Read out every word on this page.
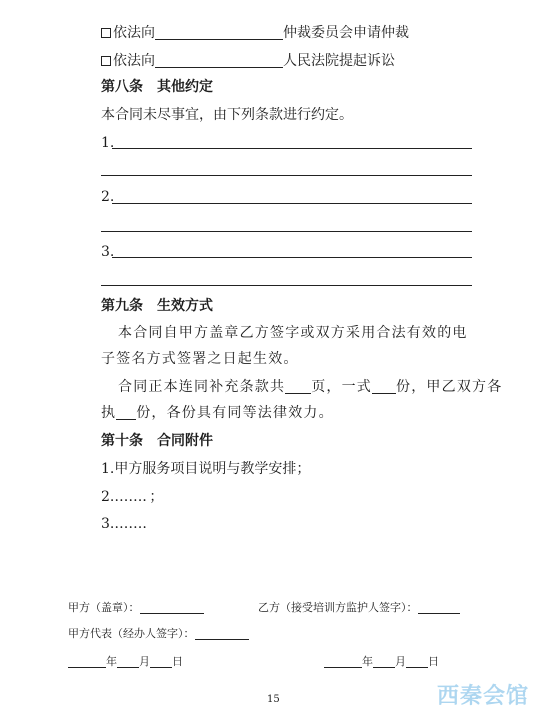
依法向	仲裁委员会申请仲裁
依法向	人民法院提起诉讼
第八条　其他约定
本合同未尽事宜，由下列条款进行约定。
1.
2.
3.
第九条　生效方式
本合同自甲方盖章乙方签字或双方采用合法有效的电
子签名方式签署之日起生效。
合同正本连同补充条款共 页，一式 份，甲乙双方各
执 份，各份具有同等法律效力。
第十条　合同附件
1.甲方服务项目说明与教学安排；
2.……．；
3.…….
甲方（盖章）：	乙方（接受培训方监护人签字）：
甲方代表（经办人签字）：
年 月 日	年 月 日
15	西秦会馆
